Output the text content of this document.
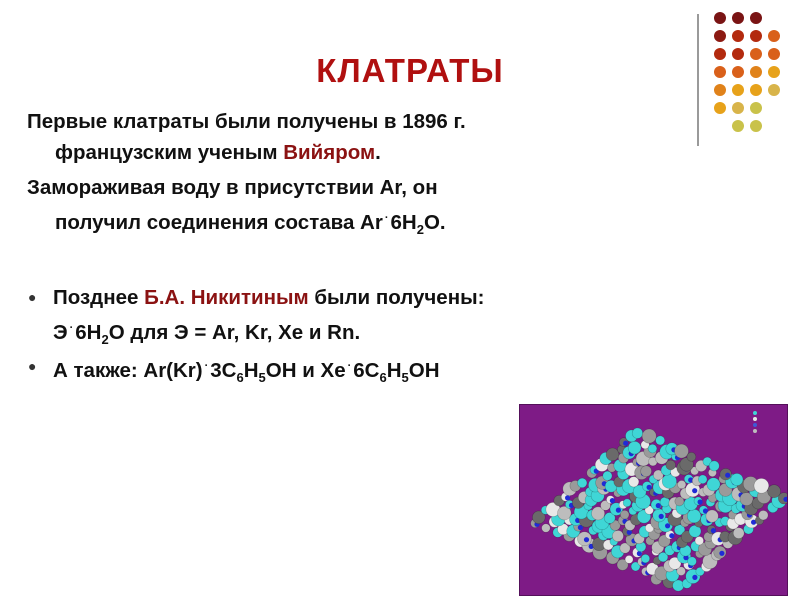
КЛАТРАТЫ
Первые клатраты были получены в 1896 г.
французским ученым Вийяром.
Замораживая воду в присутствии Ar, он
получил соединения состава Ar $^\cdot 6H_2O$.
● Позднее Б.А. Никитиным были получены:
Э $^\cdot 6H_2O$ для Э = Ar, Kr, Xe и Rn.
● А также: Ar(Kr) $^\cdot 3C_6H_5OH$ и Xe $^\cdot 6C_6H_5OH$
